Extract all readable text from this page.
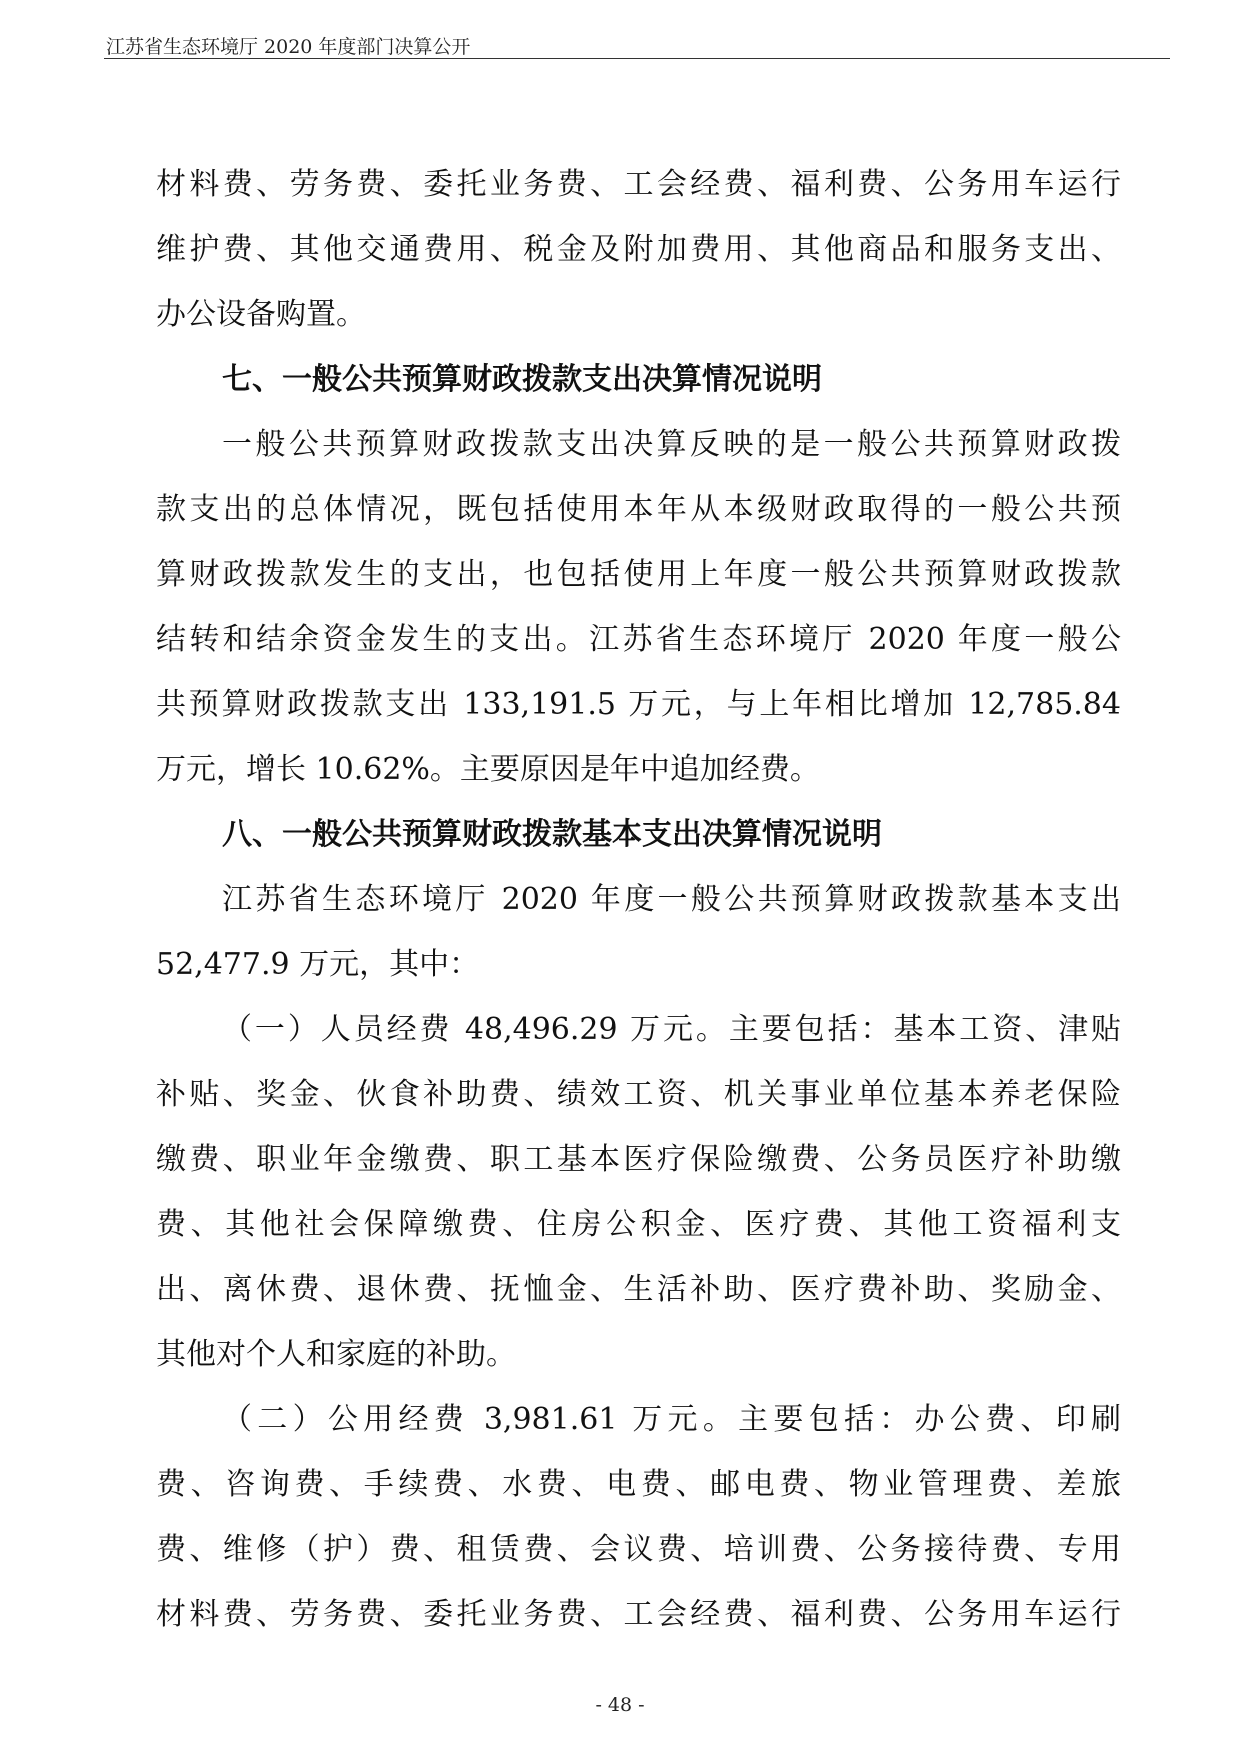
江苏省生态环境厅 2020 年度部门决算公开
材料费、劳务费、委托业务费、工会经费、福利费、公务用车运行
维护费、其他交通费用、税金及附加费用、其他商品和服务支出、
办公设备购置。
七、一般公共预算财政拨款支出决算情况说明
一般公共预算财政拨款支出决算反映的是一般公共预算财政拨
款支出的总体情况，既包括使用本年从本级财政取得的一般公共预
算财政拨款发生的支出，也包括使用上年度一般公共预算财政拨款
结转和结余资金发生的支出。江苏省生态环境厅 2020 年度一般公
共预算财政拨款支出 133,191.5 万元，与上年相比增加 12,785.84
万元，增长 10.62%。主要原因是年中追加经费。
八、一般公共预算财政拨款基本支出决算情况说明
江苏省生态环境厅 2020 年度一般公共预算财政拨款基本支出
52,477.9 万元，其中：
（一）人员经费 48,496.29 万元。主要包括：基本工资、津贴
补贴、奖金、伙食补助费、绩效工资、机关事业单位基本养老保险
缴费、职业年金缴费、职工基本医疗保险缴费、公务员医疗补助缴
费、其他社会保障缴费、住房公积金、医疗费、其他工资福利支
出、离休费、退休费、抚恤金、生活补助、医疗费补助、奖励金、
其他对个人和家庭的补助。
（二）公用经费 3,981.61 万元。主要包括：办公费、印刷
费、咨询费、手续费、水费、电费、邮电费、物业管理费、差旅
费、维修（护）费、租赁费、会议费、培训费、公务接待费、专用
材料费、劳务费、委托业务费、工会经费、福利费、公务用车运行
- 48 -
